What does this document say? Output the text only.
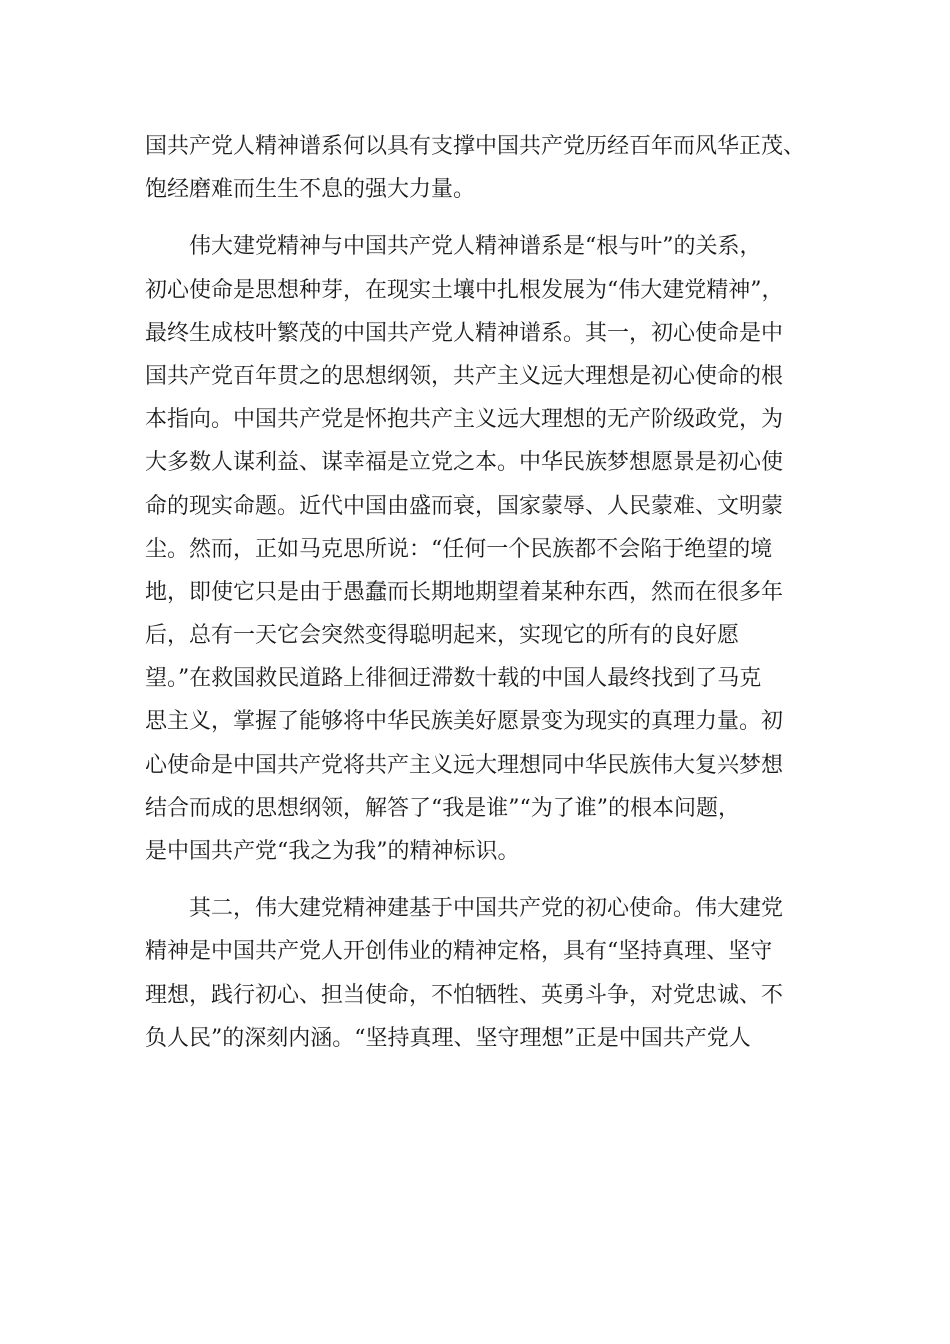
国共产党人精神谱系何以具有支撑中国共产党历经百年而风华正茂、
饱经磨难而生生不息的强大力量。
伟大建党精神与中国共产党人精神谱系是“根与叶”的关系，
初心使命是思想种芽，在现实土壤中扎根发展为“伟大建党精神”，
最终生成枝叶繁茂的中国共产党人精神谱系。其一，初心使命是中
国共产党百年贯之的思想纲领，共产主义远大理想是初心使命的根
本指向。中国共产党是怀抱共产主义远大理想的无产阶级政党，为
大多数人谋利益、谋幸福是立党之本。中华民族梦想愿景是初心使
命的现实命题。近代中国由盛而衰，国家蒙辱、人民蒙难、文明蒙
尘。然而，正如马克思所说：“任何一个民族都不会陷于绝望的境
地，即使它只是由于愚蠢而长期地期望着某种东西，然而在很多年
后，总有一天它会突然变得聪明起来，实现它的所有的良好愿
望。”在救国救民道路上徘徊迂滞数十载的中国人最终找到了马克
思主义，掌握了能够将中华民族美好愿景变为现实的真理力量。初
心使命是中国共产党将共产主义远大理想同中华民族伟大复兴梦想
结合而成的思想纲领，解答了“我是谁”“为了谁”的根本问题，
是中国共产党“我之为我”的精神标识。
其二，伟大建党精神建基于中国共产党的初心使命。伟大建党
精神是中国共产党人开创伟业的精神定格，具有“坚持真理、坚守
理想，践行初心、担当使命，不怕牺牲、英勇斗争，对党忠诚、不
负人民”的深刻内涵。“坚持真理、坚守理想”正是中国共产党人
